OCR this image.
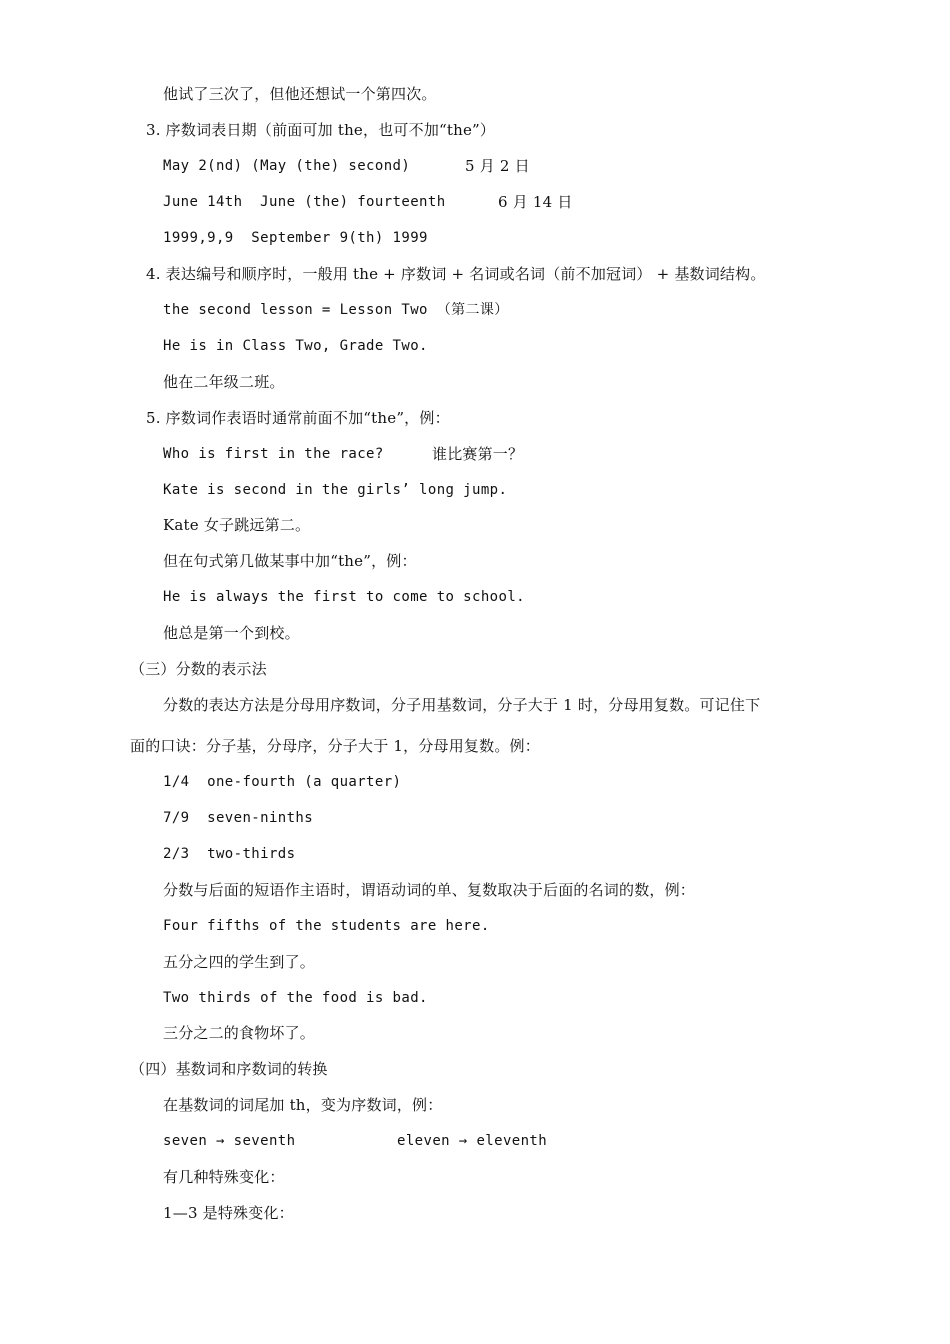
他试了三次了，但他还想试一个第四次。
3. 序数词表日期（前面可加 the，也可不加“the”）
May 2(nd) (May (the) second)	5 月 2 日
June 14th  June (the) fourteenth	6 月 14 日
1999,9,9  September 9(th) 1999
4. 表达编号和顺序时，一般用 the + 序数词 + 名词或名词（前不加冠词） + 基数词结构。
the second lesson = Lesson Two （第二课）
He is in Class Two, Grade Two.
他在二年级二班。
5. 序数词作表语时通常前面不加“the”，例：
Who is first in the race?	谁比赛第一？
Kate is second in the girls’ long jump.
Kate 女子跳远第二。
但在句式第几做某事中加“the”，例：
He is always the first to come to school.
他总是第一个到校。
（三）分数的表示法
分数的表达方法是分母用序数词，分子用基数词，分子大于 1 时，分母用复数。可记住下
面的口诀：分子基，分母序，分子大于 1，分母用复数。例：
1/4  one-fourth (a quarter)
7/9  seven-ninths
2/3  two-thirds
分数与后面的短语作主语时，谓语动词的单、复数取决于后面的名词的数，例：
Four fifths of the students are here.
五分之四的学生到了。
Two thirds of the food is bad.
三分之二的食物坏了。
（四）基数词和序数词的转换
在基数词的词尾加 th，变为序数词，例：
seven → seventh	eleven → eleventh
有几种特殊变化：
1—3 是特殊变化：
